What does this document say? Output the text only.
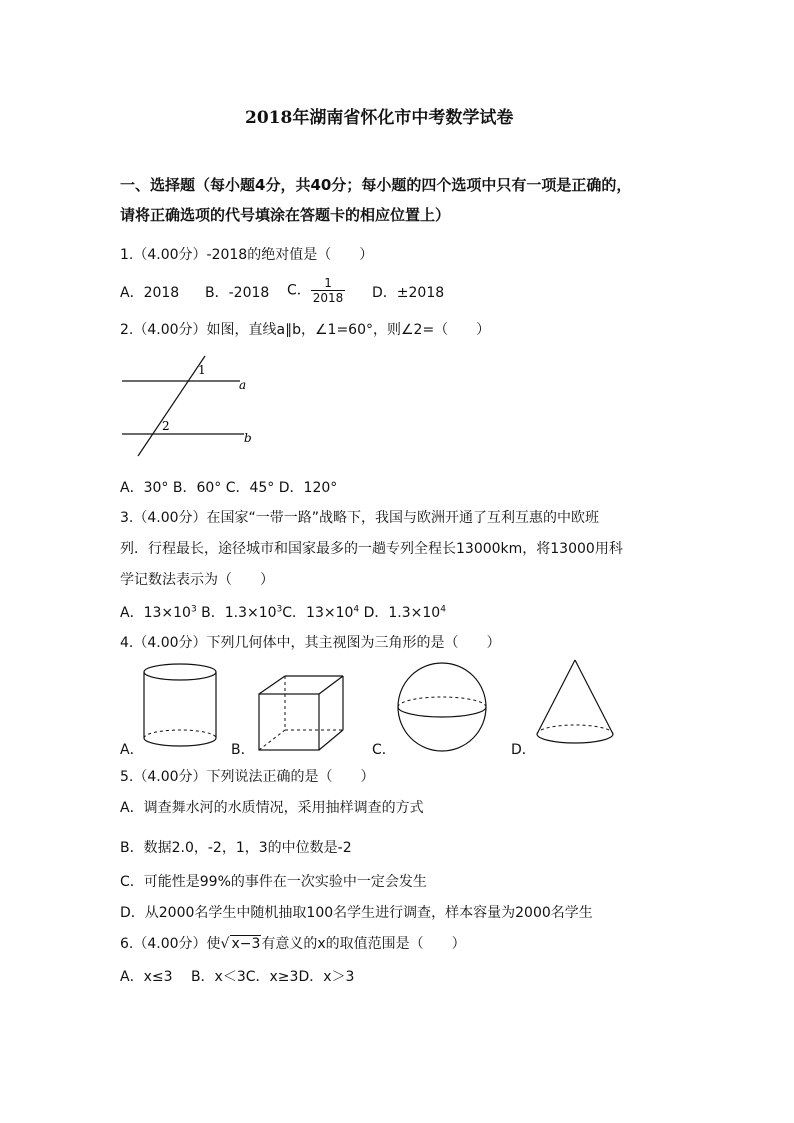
2018年湖南省怀化市中考数学试卷
一、选择题（每小题4分，共40分；每小题的四个选项中只有一项是正确的，
请将正确选项的代号填涂在答题卡的相应位置上）
1.（4.00分）-2018的绝对值是（　　）
A．2018 B．-2018 C． $\frac{1}{2018}$ D．±2018
2.（4.00分）如图，直线a∥b，∠1=60°，则∠2=（　　）
1
2
a
b
A．30° B．60° C．45° D．120°
3.（4.00分）在国家“一带一路”战略下，我国与欧洲开通了互利互惠的中欧班
列．行程最长，途径城市和国家最多的一趟专列全程长13000km，将13000用科
学记数法表示为（　　）
A．$13\times 10^3$ B．$1.3\times 10^3C$．$13\times 10^4$ D．$1.3\times 10^4$
4.（4.00分）下列几何体中，其主视图为三角形的是（　　）
A．	B．	C．	D．
5.（4.00分）下列说法正确的是（　　）
A．调查舞水河的水质情况，采用抽样调查的方式
B．数据2.0，-2，1，3的中位数是-2
C．可能性是99%的事件在一次实验中一定会发生
D．从2000名学生中随机抽取100名学生进行调查，样本容量为2000名学生
6.（4.00分）使√ x−3有意义的x的取值范围是（　　）
A．x≤3　 B．x＜3C．x≥3D．x＞3
